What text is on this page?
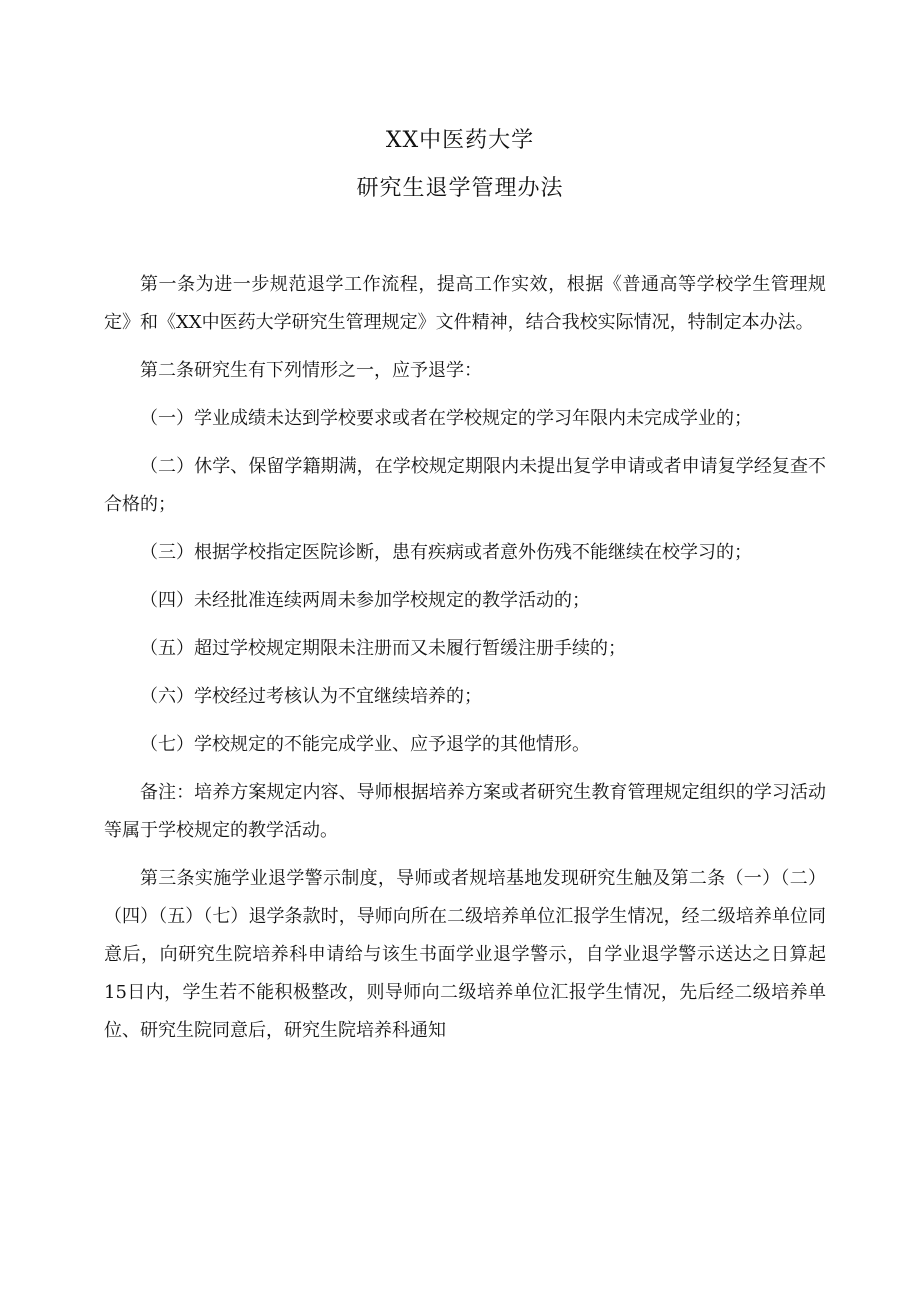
XX中医药大学
研究生退学管理办法

第一条为进一步规范退学工作流程，提高工作实效，根据《普通高等学校学生管理规定》和《XX中医药大学研究生管理规定》文件精神，结合我校实际情况，特制定本办法。

第二条研究生有下列情形之一，应予退学：

（一）学业成绩未达到学校要求或者在学校规定的学习年限内未完成学业的；

（二）休学、保留学籍期满，在学校规定期限内未提出复学申请或者申请复学经复查不合格的；

（三）根据学校指定医院诊断，患有疾病或者意外伤残不能继续在校学习的；

（四）未经批准连续两周未参加学校规定的教学活动的；

（五）超过学校规定期限未注册而又未履行暂缓注册手续的；

（六）学校经过考核认为不宜继续培养的；

（七）学校规定的不能完成学业、应予退学的其他情形。

备注：培养方案规定内容、导师根据培养方案或者研究生教育管理规定组织的学习活动等属于学校规定的教学活动。

第三条实施学业退学警示制度，导师或者规培基地发现研究生触及第二条（一）（二）（四）（五）（七）退学条款时，导师向所在二级培养单位汇报学生情况，经二级培养单位同意后，向研究生院培养科申请给与该生书面学业退学警示，自学业退学警示送达之日算起15日内，学生若不能积极整改，则导师向二级培养单位汇报学生情况，先后经二级培养单位、研究生院同意后，研究生院培养科通知
